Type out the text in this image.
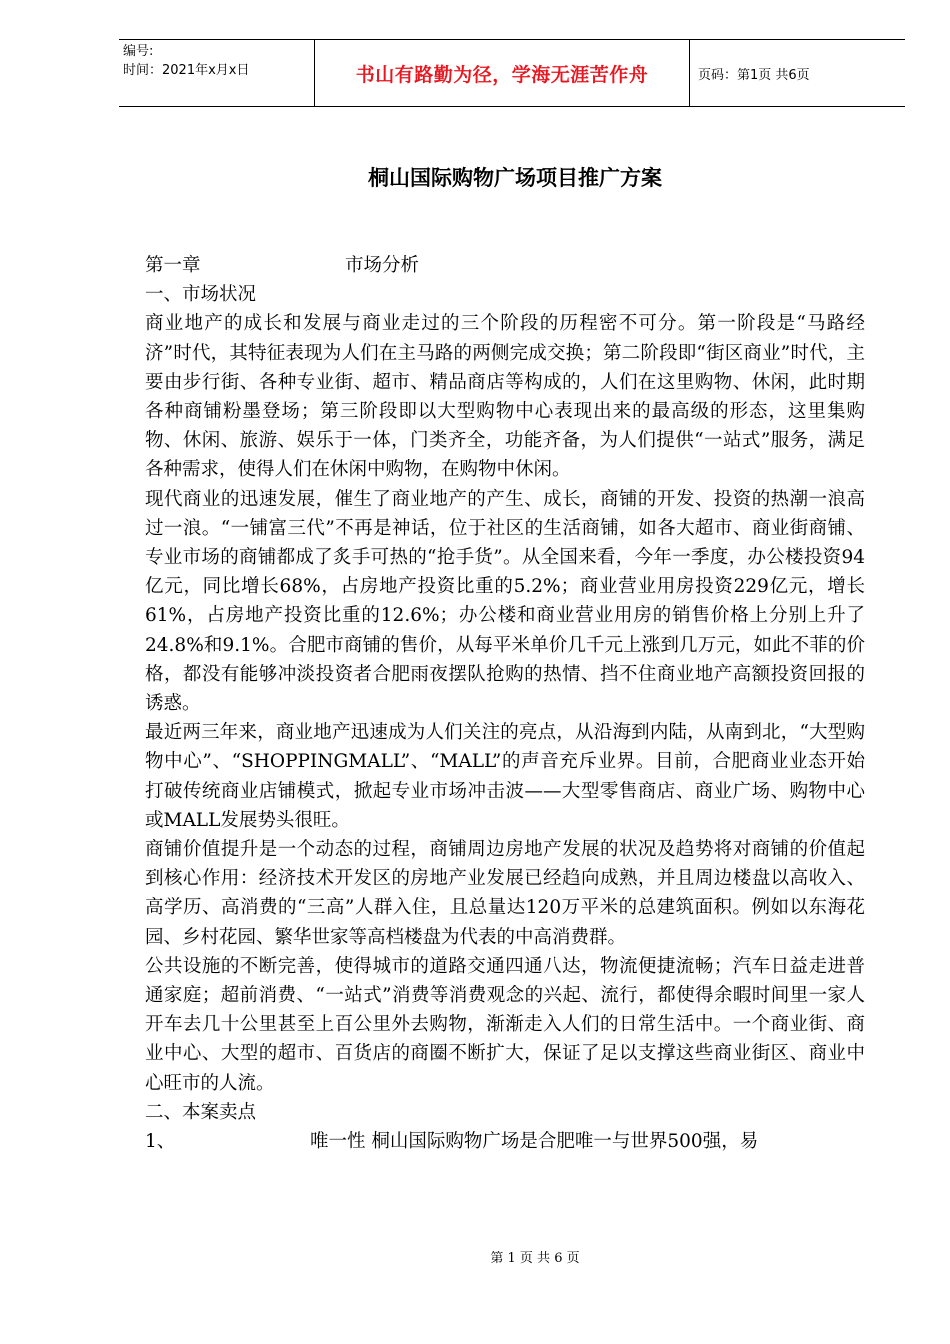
编号:
时间：2021年x月x日	书山有路勤为径，学海无涯苦作舟	页码：第1页 共6页
桐山国际购物广场项目推广方案
第一章	市场分析

一、市场状况

商业地产的成长和发展与商业走过的三个阶段的历程密不可分。第一阶段是“马路经济”时代，其特征表现为人们在主马路的两侧完成交换；第二阶段即“街区商业”时代，主要由步行街、各种专业街、超市、精品商店等构成的，人们在这里购物、休闲，此时期各种商铺粉墨登场；第三阶段即以大型购物中心表现出来的最高级的形态，这里集购物、休闲、旅游、娱乐于一体，门类齐全，功能齐备，为人们提供“一站式”服务，满足各种需求，使得人们在休闲中购物，在购物中休闲。

现代商业的迅速发展，催生了商业地产的产生、成长，商铺的开发、投资的热潮一浪高过一浪。“一铺富三代”不再是神话，位于社区的生活商铺，如各大超市、商业街商铺、专业市场的商铺都成了炙手可热的“抢手货”。从全国来看，今年一季度，办公楼投资94亿元，同比增长68%，占房地产投资比重的5.2%；商业营业用房投资229亿元，增长61%，占房地产投资比重的12.6%；办公楼和商业营业用房的销售价格上分别上升了24.8%和9.1%。合肥市商铺的售价，从每平米单价几千元上涨到几万元，如此不菲的价格，都没有能够冲淡投资者合肥雨夜摆队抢购的热情、挡不住商业地产高额投资回报的诱惑。

最近两三年来，商业地产迅速成为人们关注的亮点，从沿海到内陆，从南到北，“大型购物中心”、“SHOPPINGMALL”、“MALL”的声音充斥业界。目前，合肥商业业态开始打破传统商业店铺模式，掀起专业市场冲击波——大型零售商店、商业广场、购物中心或MALL发展势头很旺。

商铺价值提升是一个动态的过程，商铺周边房地产发展的状况及趋势将对商铺的价值起到核心作用：经济技术开发区的房地产业发展已经趋向成熟，并且周边楼盘以高收入、高学历、高消费的“三高”人群入住，且总量达120万平米的总建筑面积。例如以东海花园、乡村花园、繁华世家等高档楼盘为代表的中高消费群。

公共设施的不断完善，使得城市的道路交通四通八达，物流便捷流畅；汽车日益走进普通家庭；超前消费、“一站式”消费等消费观念的兴起、流行，都使得余暇时间里一家人开车去几十公里甚至上百公里外去购物，渐渐走入人们的日常生活中。一个商业街、商业中心、大型的超市、百货店的商圈不断扩大，保证了足以支撑这些商业街区、商业中心旺市的人流。

二、本案卖点

1、	唯一性 桐山国际购物广场是合肥唯一与世界500强，易
第 1 页 共 6 页
